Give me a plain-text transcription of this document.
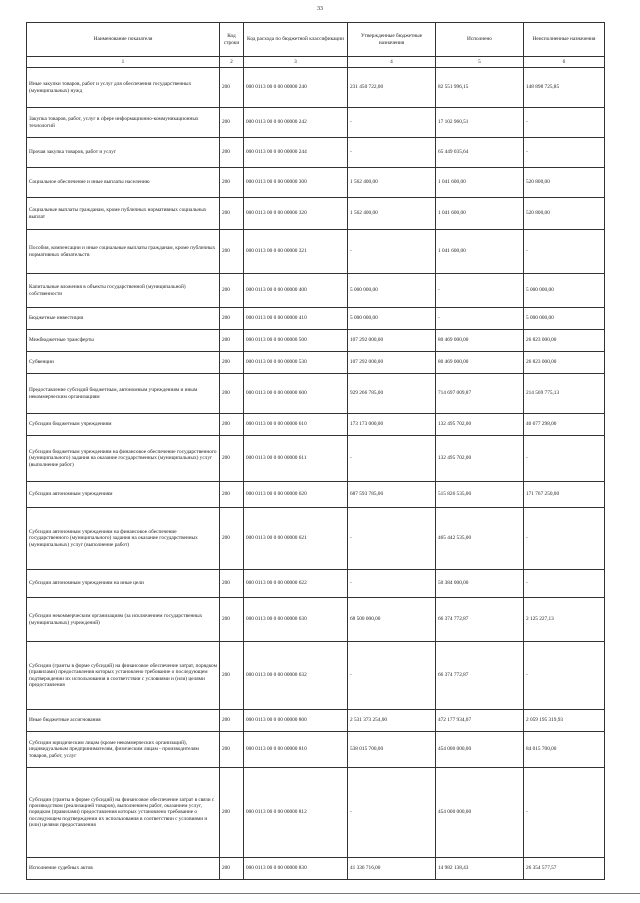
33
Наименование показателя	Код строки	Код расхода по бюджетной классификации	Утвержденные бюджетные назначения	Исполнено	Неисполненные назначения
1	2	3	4	5	6
Иные закупки товаров, работ и услуг для обеспечения государственных (муниципальных) нужд	200	000 0113 00 0 00 00000 240	231 450 722,00	82 551 996,15	148 898 725,85
Закупка товаров, работ, услуг в сфере информационно-коммуникационных технологий	200	000 0113 00 0 00 00000 242	-	17 102 960,51	-
Прочая закупка товаров, работ и услуг	200	000 0113 00 0 00 00000 244	-	65 449 035,64	-
Социальное обеспечение и иные выплаты населению	200	000 0113 00 0 00 00000 300	1 562 400,00	1 041 600,00	520 800,00
Социальные выплаты гражданам, кроме публичных нормативных социальных выплат	200	000 0113 00 0 00 00000 320	1 562 400,00	1 041 600,00	520 800,00
Пособия, компенсации и иные социальные выплаты гражданам, кроме публичных нормативных обязательств	200	000 0113 00 0 00 00000 321	-	1 041 600,00	-
Капитальные вложения в объекты государственной (муниципальной) собственности	200	000 0113 00 0 00 00000 400	5 000 000,00	-	5 000 000,00
Бюджетные инвестиции	200	000 0113 00 0 00 00000 410	5 000 000,00	-	5 000 000,00
Межбюджетные трансферты	200	000 0113 00 0 00 00000 500	107 292 000,00	80 469 000,00	26 823 000,00
Субвенции	200	000 0113 00 0 00 00000 530	107 292 000,00	80 469 000,00	26 823 000,00
Предоставление субсидий бюджетным, автономным учреждениям и иным некоммерческим организациям	200	000 0113 00 0 00 00000 600	929 266 785,00	714 697 009,87	214 569 775,13
Субсидии бюджетным учреждениям	200	000 0113 00 0 00 00000 610	173 173 000,00	132 495 702,00	40 677 298,00
Субсидии бюджетным учреждениям на финансовое обеспечение государственного (муниципального) задания на оказание государственных (муниципальных) услуг (выполнение работ)	200	000 0113 00 0 00 00000 611	-	132 495 702,00	-
Субсидии автономным учреждениям	200	000 0113 00 0 00 00000 620	687 593 785,00	515 826 535,00	171 767 250,00
Субсидии автономным учреждениям на финансовое обеспечение государственного (муниципального) задания на оказание государственных (муниципальных) услуг (выполнение работ)	200	000 0113 00 0 00 00000 621	-	465 442 535,00	-
Субсидии автономным учреждениям на иные цели	200	000 0113 00 0 00 00000 622	-	50 384 000,00	-
Субсидии некоммерческим организациям (за исключением государственных (муниципальных) учреждений)	200	000 0113 00 0 00 00000 630	68 500 000,00	66 374 772,87	2 125 227,13
Субсидии (гранты в форме субсидий) на финансовое обеспечение затрат, порядком (правилами) предоставления которых установлено требование о последующем подтверждении их использования в соответствии с условиями и (или) целями предоставления	200	000 0113 00 0 00 00000 632	-	66 374 772,87	-
Иные бюджетные ассигнования	200	000 0113 00 0 00 00000 800	2 531 373 254,00	472 177 934,07	2 059 195 319,93
Субсидии юридическим лицам (кроме некоммерческих организаций), индивидуальным предпринимателям, физическим лицам - производителям товаров, работ, услуг	200	000 0113 00 0 00 00000 810	538 015 700,00	454 000 000,00	84 015 700,00
Субсидии (гранты в форме субсидий) на финансовое обеспечение затрат в связи с производством (реализацией товаров), выполнением работ, оказанием услуг, порядком (правилами) предоставления которых установлено требование о последующем подтверждении их использования в соответствии с условиями и (или) целями предоставления	200	000 0113 00 0 00 00000 812	-	454 000 000,00	-
Исполнение судебных актов	200	000 0113 00 0 00 00000 830	41 336 716,00	14 982 138,43	26 354 577,57
